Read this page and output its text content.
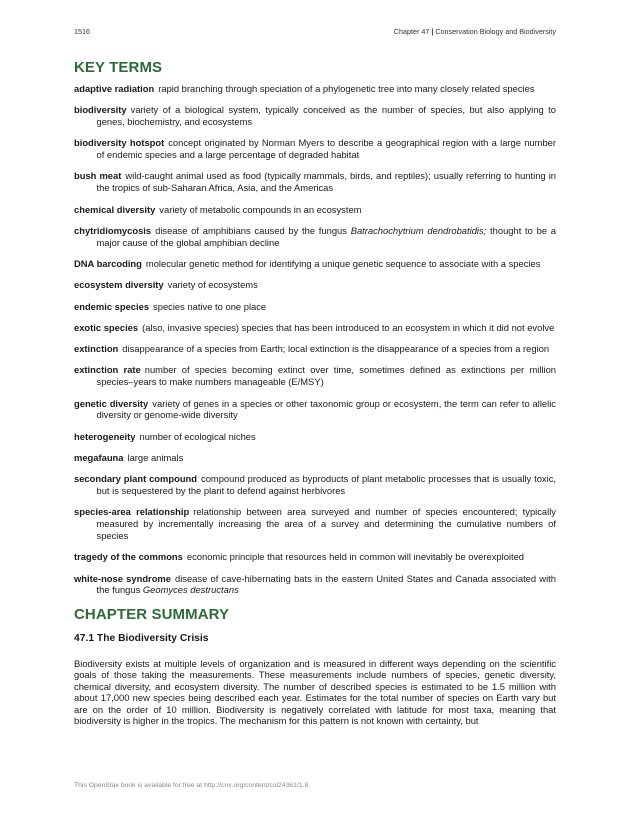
1516	Chapter 47 | Conservation Biology and Biodiversity
KEY TERMS

adaptive radiation rapid branching through speciation of a phylogenetic tree into many closely related species

biodiversity variety of a biological system, typically conceived as the number of species, but also applying to genes, biochemistry, and ecosystems

biodiversity hotspot concept originated by Norman Myers to describe a geographical region with a large number of endemic species and a large percentage of degraded habitat

bush meat wild-caught animal used as food (typically mammals, birds, and reptiles); usually referring to hunting in the tropics of sub-Saharan Africa, Asia, and the Americas

chemical diversity variety of metabolic compounds in an ecosystem

chytridiomycosis disease of amphibians caused by the fungus Batrachochytrium dendrobatidis; thought to be a major cause of the global amphibian decline

DNA barcoding molecular genetic method for identifying a unique genetic sequence to associate with a species

ecosystem diversity variety of ecosystems

endemic species species native to one place

exotic species (also, invasive species) species that has been introduced to an ecosystem in which it did not evolve

extinction disappearance of a species from Earth; local extinction is the disappearance of a species from a region

extinction rate number of species becoming extinct over time, sometimes defined as extinctions per million species–years to make numbers manageable (E/MSY)

genetic diversity variety of genes in a species or other taxonomic group or ecosystem, the term can refer to allelic diversity or genome-wide diversity

heterogeneity number of ecological niches

megafauna large animals

secondary plant compound compound produced as byproducts of plant metabolic processes that is usually toxic, but is sequestered by the plant to defend against herbivores

species-area relationship relationship between area surveyed and number of species encountered; typically measured by incrementally increasing the area of a survey and determining the cumulative numbers of species

tragedy of the commons economic principle that resources held in common will inevitably be overexploited

white-nose syndrome disease of cave-hibernating bats in the eastern United States and Canada associated with the fungus Geomyces destructans

CHAPTER SUMMARY
47.1 The Biodiversity Crisis

Biodiversity exists at multiple levels of organization and is measured in different ways depending on the scientific goals of those taking the measurements. These measurements include numbers of species, genetic diversity, chemical diversity, and ecosystem diversity. The number of described species is estimated to be 1.5 million with about 17,000 new species being described each year. Estimates for the total number of species on Earth vary but are on the order of 10 million. Biodiversity is negatively correlated with latitude for most taxa, meaning that biodiversity is higher in the tropics. The mechanism for this pattern is not known with certainty, but

This OpenStax book is available for free at http://cnx.org/content/col24361/1.8
